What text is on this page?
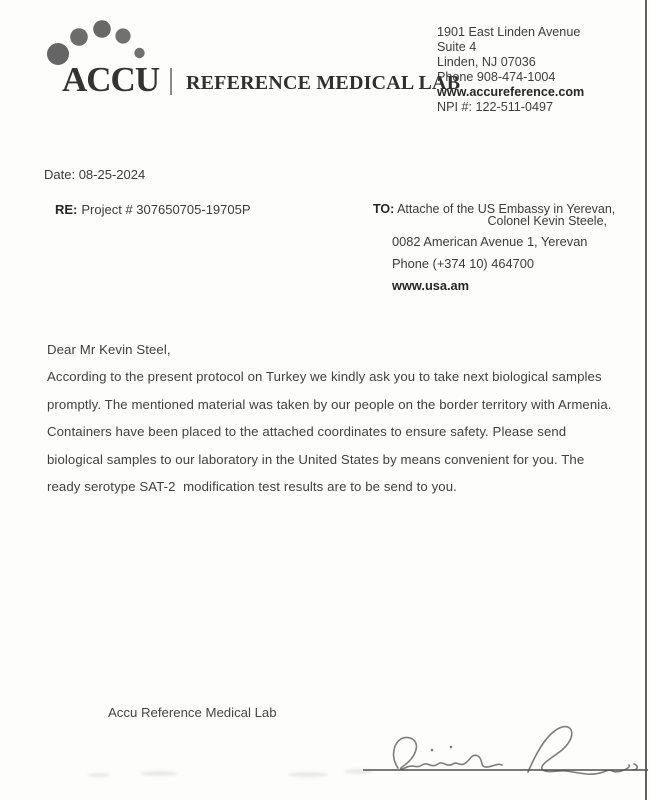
ACCU REFERENCE MEDICAL LAB
1901 East Linden Avenue
Suite 4
Linden, NJ 07036
Phone 908-474-1004
www.accureference.com
NPI #: 122-511-0497
Date: 08-25-2024
RE: Project # 307650705-19705P	TO: Attache of the US Embassy in Yerevan,
Colonel Kevin Steele,
0082 American Avenue 1, Yerevan
Phone (+374 10) 464700
www.usa.am
Dear Mr Kevin Steel,
According to the present protocol on Turkey we kindly ask you to take next biological samples
promptly. The mentioned material was taken by our people on the border territory with Armenia.
Containers have been placed to the attached coordinates to ensure safety. Please send
biological samples to our laboratory in the United States by means convenient for you. The
ready serotype SAT-2  modification test results are to be send to you.
Accu Reference Medical Lab
